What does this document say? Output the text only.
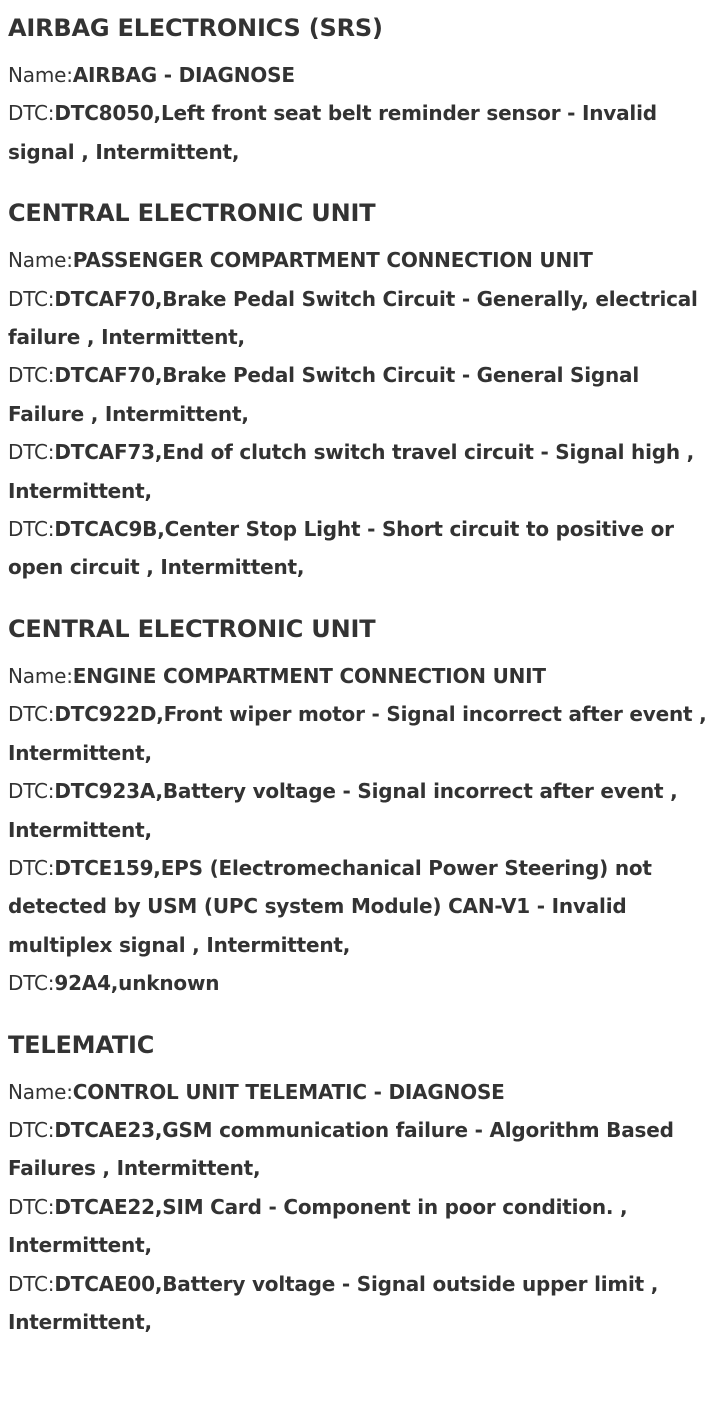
AIRBAG ELECTRONICS (SRS)
Name:AIRBAG - DIAGNOSE
DTC:DTC8050,Left front seat belt reminder sensor - Invalid signal , Intermittent,
CENTRAL ELECTRONIC UNIT
Name:PASSENGER COMPARTMENT CONNECTION UNIT
DTC:DTCAF70,Brake Pedal Switch Circuit - Generally, electrical failure , Intermittent,
DTC:DTCAF70,Brake Pedal Switch Circuit - General Signal Failure , Intermittent,
DTC:DTCAF73,End of clutch switch travel circuit - Signal high , Intermittent,
DTC:DTCAC9B,Center Stop Light - Short circuit to positive or open circuit , Intermittent,
CENTRAL ELECTRONIC UNIT
Name:ENGINE COMPARTMENT CONNECTION UNIT
DTC:DTC922D,Front wiper motor - Signal incorrect after event , Intermittent,
DTC:DTC923A,Battery voltage - Signal incorrect after event , Intermittent,
DTC:DTCE159,EPS (Electromechanical Power Steering) not detected by USM (UPC system Module) CAN-V1 - Invalid multiplex signal , Intermittent,
DTC:92A4,unknown
TELEMATIC
Name:CONTROL UNIT TELEMATIC - DIAGNOSE
DTC:DTCAE23,GSM communication failure - Algorithm Based Failures , Intermittent,
DTC:DTCAE22,SIM Card - Component in poor condition. , Intermittent,
DTC:DTCAE00,Battery voltage - Signal outside upper limit , Intermittent,
